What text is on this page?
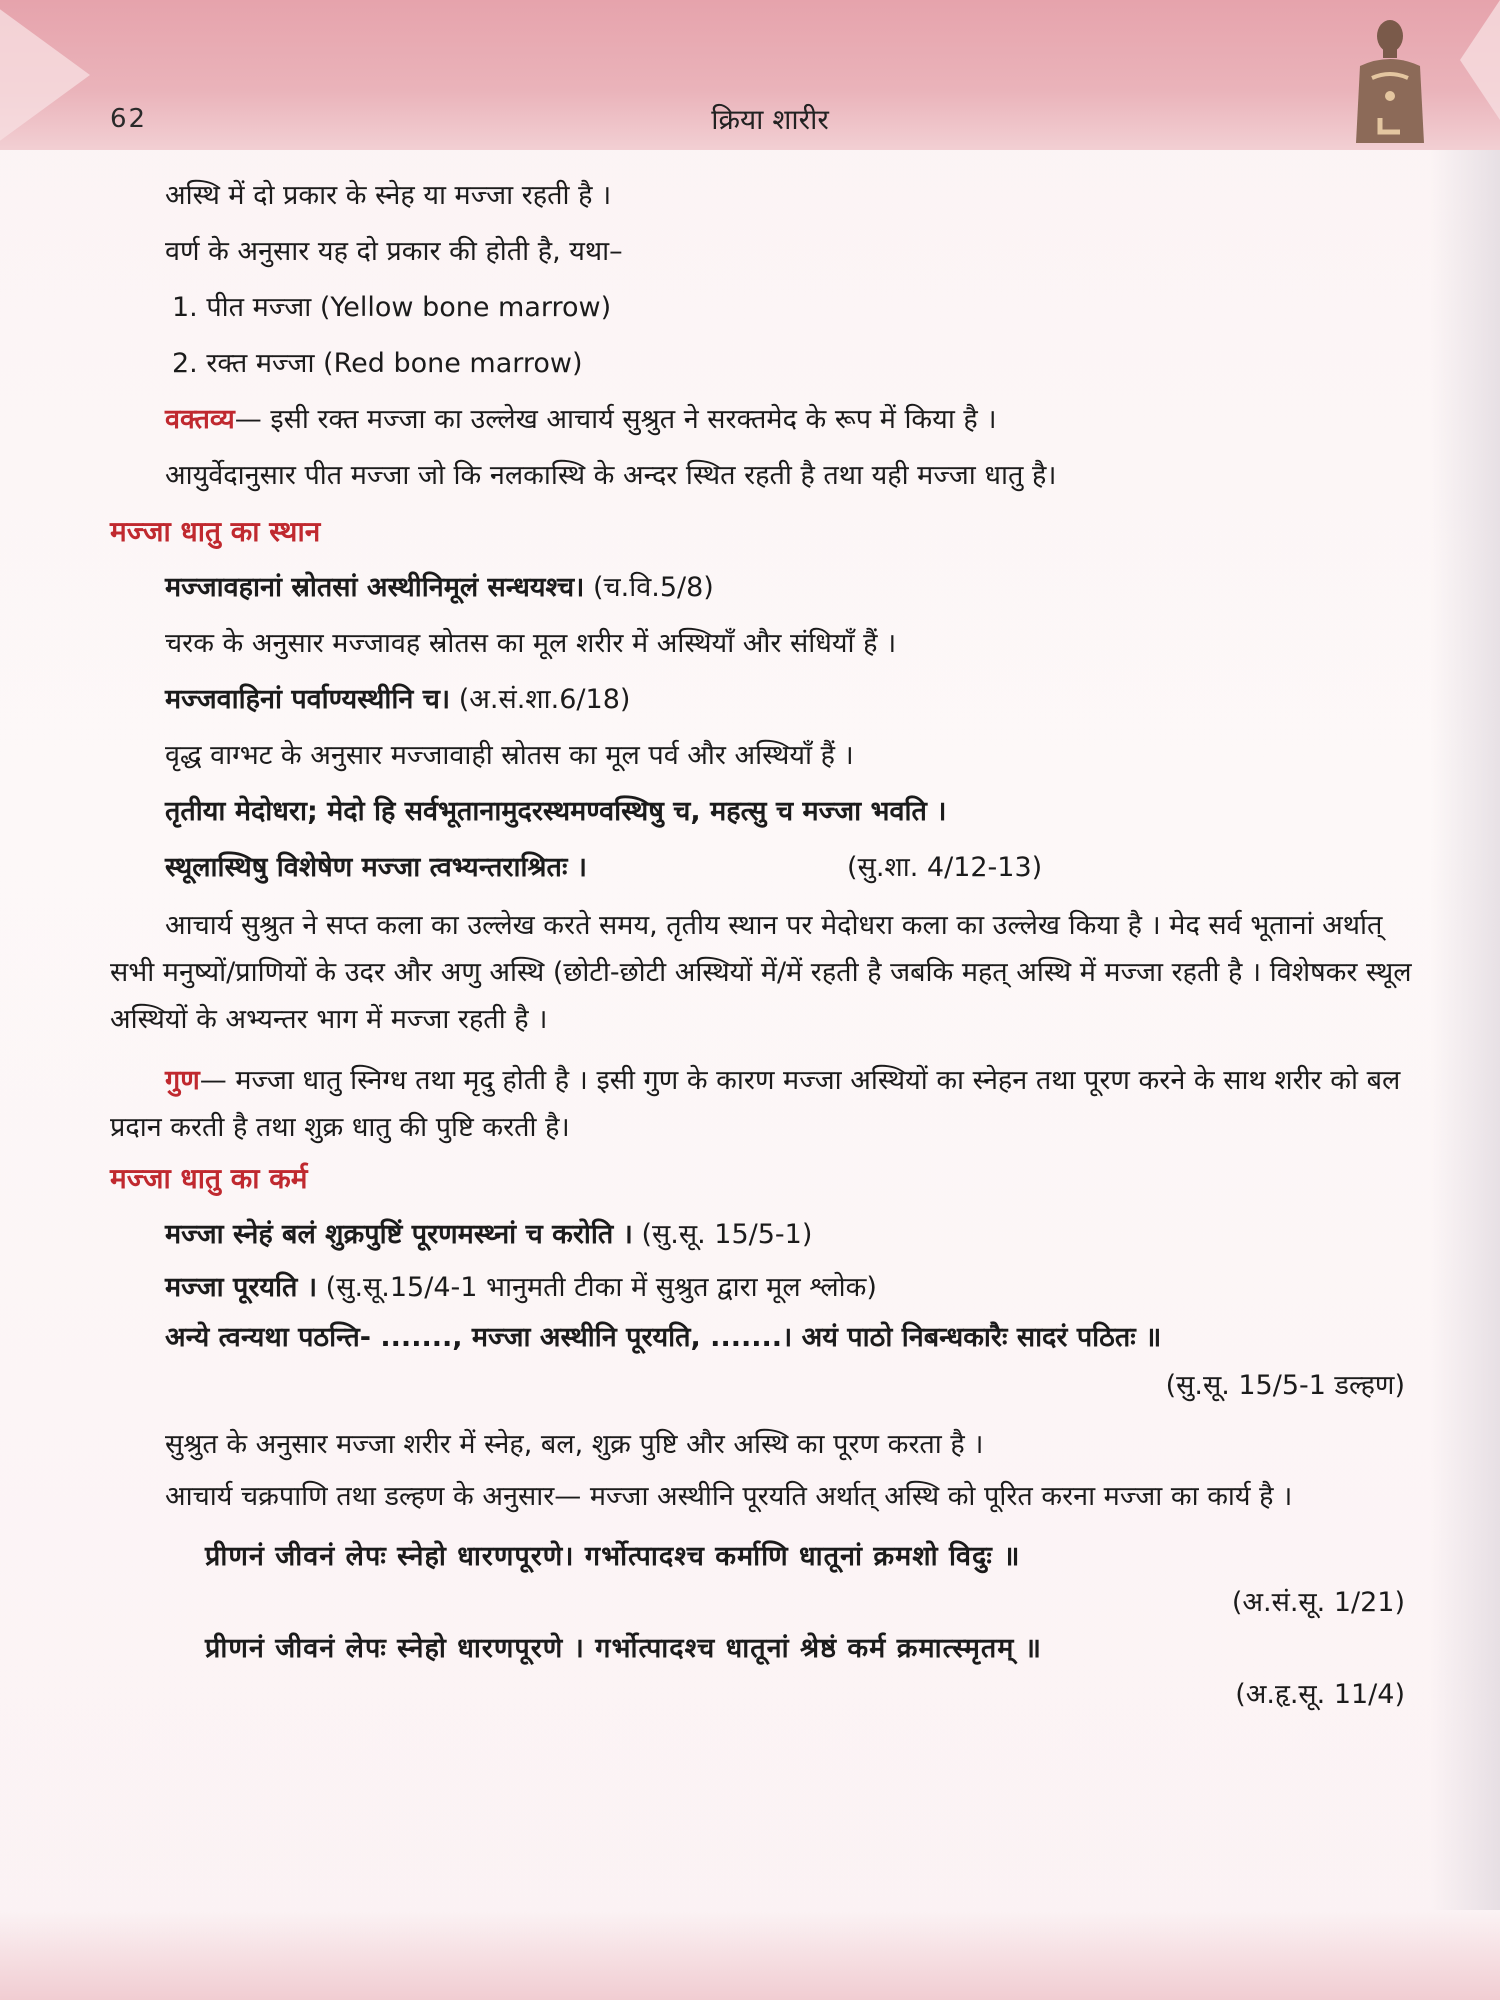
62	क्रिया शारीर

अस्थि में दो प्रकार के स्नेह या मज्जा रहती है ।

वर्ण के अनुसार यह दो प्रकार की होती है, यथा–

1. पीत मज्जा (Yellow bone marrow)

2. रक्त मज्जा (Red bone marrow)

वक्तव्य— इसी रक्त मज्जा का उल्लेख आचार्य सुश्रुत ने सरक्तमेद के रूप में किया है ।

आयुर्वेदानुसार पीत मज्जा जो कि नलकास्थि के अन्दर स्थित रहती है तथा यही मज्जा धातु है।

मज्जा धातु का स्थान

मज्जावहानां स्रोतसां अस्थीनिमूलं सन्धयश्च। (च.वि.5/8)

चरक के अनुसार मज्जावह स्रोतस का मूल शरीर में अस्थियाँ और संधियाँ हैं ।

मज्जवाहिनां पर्वाण्यस्थीनि च। (अ.सं.शा.6/18)

वृद्ध वाग्भट के अनुसार मज्जावाही स्रोतस का मूल पर्व और अस्थियाँ हैं ।

तृतीया मेदोधरा; मेदो हि सर्वभूतानामुदरस्थमण्वस्थिषु च, महत्सु च मज्जा भवति ।

स्थूलास्थिषु विशेषेण मज्जा त्वभ्यन्तराश्रितः ।	(सु.शा. 4/12-13)

आचार्य सुश्रुत ने सप्त कला का उल्लेख करते समय, तृतीय स्थान पर मेदोधरा कला का उल्लेख किया है । मेद सर्व भूतानां अर्थात् सभी मनुष्यों/प्राणियों के उदर और अणु अस्थि (छोटी-छोटी अस्थियों में/में रहती है जबकि महत् अस्थि में मज्जा रहती है । विशेषकर स्थूल अस्थियों के अभ्यन्तर भाग में मज्जा रहती है ।

गुण— मज्जा धातु स्निग्ध तथा मृदु होती है । इसी गुण के कारण मज्जा अस्थियों का स्नेहन तथा पूरण करने के साथ शरीर को बल प्रदान करती है तथा शुक्र धातु की पुष्टि करती है।

मज्जा धातु का कर्म

मज्जा स्नेहं बलं शुक्रपुष्टिं पूरणमस्थ्नां च करोति । (सु.सू. 15/5-1)

मज्जा पूरयति । (सु.सू.15/4-1 भानुमती टीका में सुश्रुत द्वारा मूल श्लोक)

अन्ये त्वन्यथा पठन्ति- ......., मज्जा अस्थीनि पूरयति, .......। अयं पाठो निबन्धकारैः सादरं पठितः ॥

(सु.सू. 15/5-1 डल्हण)

सुश्रुत के अनुसार मज्जा शरीर में स्नेह, बल, शुक्र पुष्टि और अस्थि का पूरण करता है ।

आचार्य चक्रपाणि तथा डल्हण के अनुसार— मज्जा अस्थीनि पूरयति अर्थात् अस्थि को पूरित करना मज्जा का कार्य है ।

प्रीणनं जीवनं लेपः स्नेहो धारणपूरणे। गर्भोत्पादश्च कर्माणि धातूनां क्रमशो विदुः ॥

(अ.सं.सू. 1/21)

प्रीणनं जीवनं लेपः स्नेहो धारणपूरणे । गर्भोत्पादश्च धातूनां श्रेष्ठं कर्म क्रमात्स्मृतम् ॥

(अ.हृ.सू. 11/4)
